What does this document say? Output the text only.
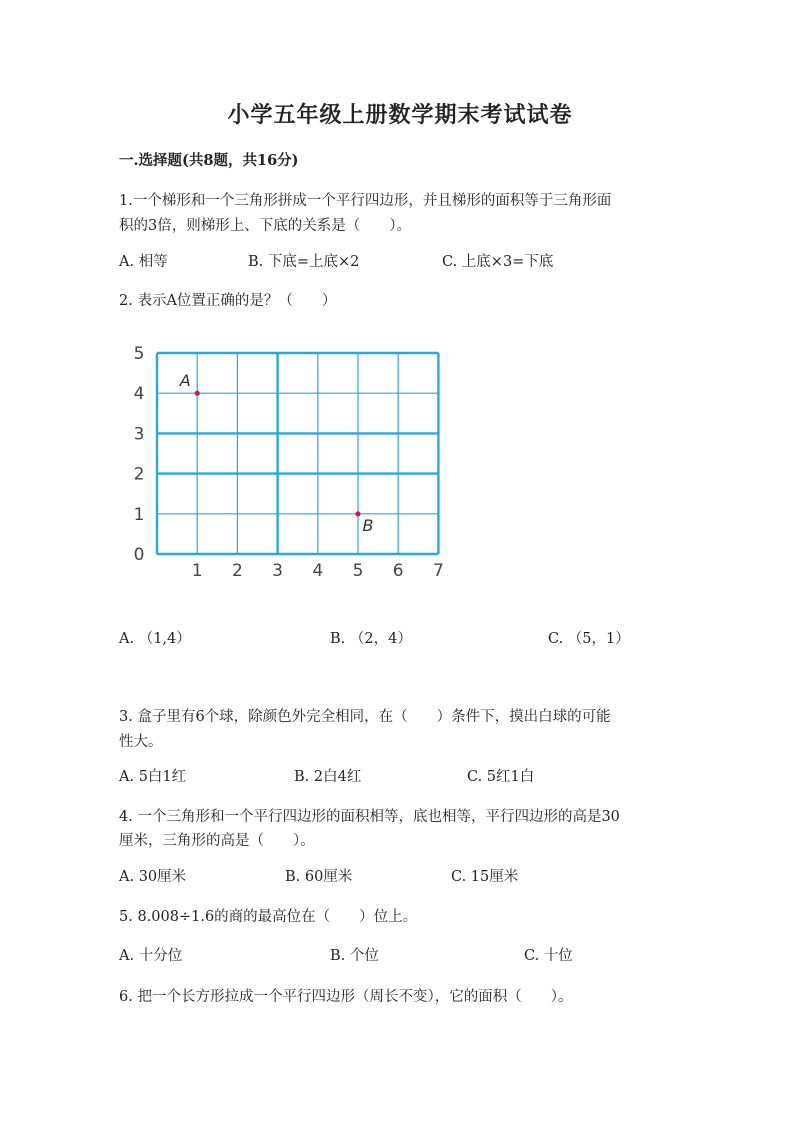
小学五年级上册数学期末考试试卷
一.选择题(共8题，共16分)
1.一个梯形和一个三角形拼成一个平行四边形，并且梯形的面积等于三角形面
积的3倍，则梯形上、下底的关系是（　　）。
A. 相等	B. 下底=上底×2	C. 上底×3=下底
2. 表示A位置正确的是？（　　）
1 2 3 4 5 6 7
0
1
2
3
4
5
A
B
A. （1,4）	B. （2，4）	C. （5，1）
3. 盒子里有6个球，除颜色外完全相同，在（　　）条件下，摸出白球的可能
性大。
A. 5白1红	B. 2白4红	C. 5红1白
4. 一个三角形和一个平行四边形的面积相等，底也相等，平行四边形的高是30
厘米，三角形的高是（　　）。
A. 30厘米	B. 60厘米	C. 15厘米
5. 8.008÷1.6的商的最高位在（　　）位上。
A. 十分位	B. 个位	C. 十位
6. 把一个长方形拉成一个平行四边形（周长不变），它的面积（　　）。
